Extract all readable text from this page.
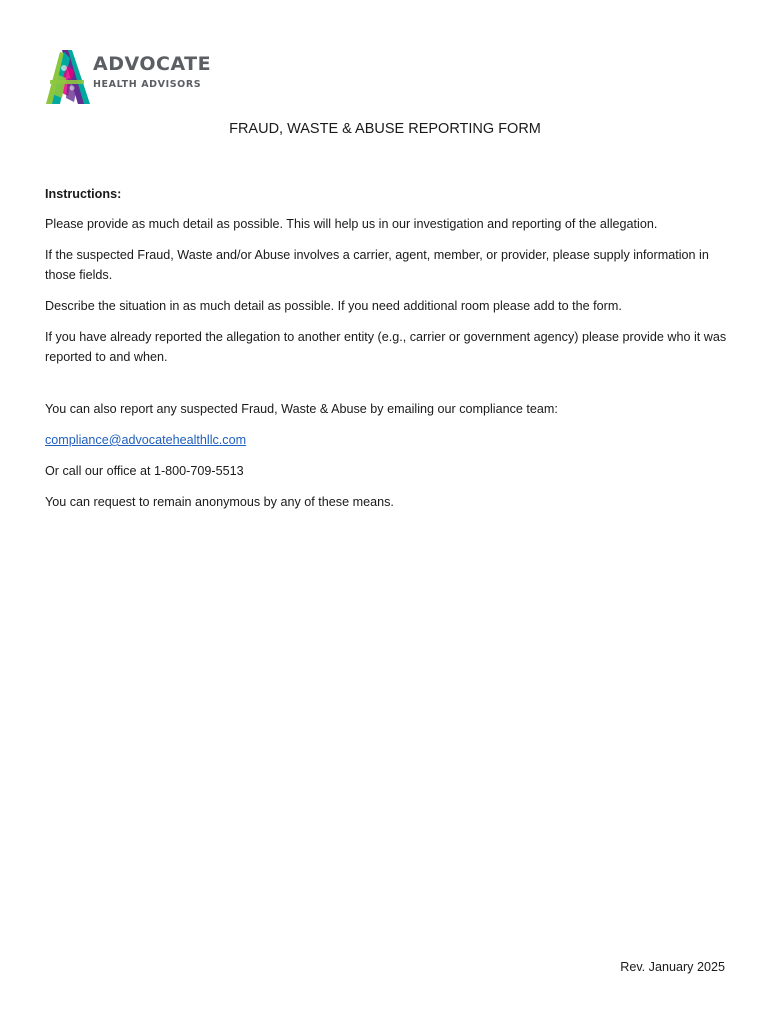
ADVOCATE
HEALTH ADVISORS
FRAUD, WASTE & ABUSE REPORTING FORM

Instructions:

Please provide as much detail as possible. This will help us in our investigation and reporting of the allegation.

If the suspected Fraud, Waste and/or Abuse involves a carrier, agent, member, or provider, please supply information in those fields.

Describe the situation in as much detail as possible. If you need additional room please add to the form.

If you have already reported the allegation to another entity (e.g., carrier or government agency) please provide who it was reported to and when.

You can also report any suspected Fraud, Waste & Abuse by emailing our compliance team:

compliance@advocatehealthllc.com

Or call our office at 1-800-709-5513

You can request to remain anonymous by any of these means.

Rev. January 2025
